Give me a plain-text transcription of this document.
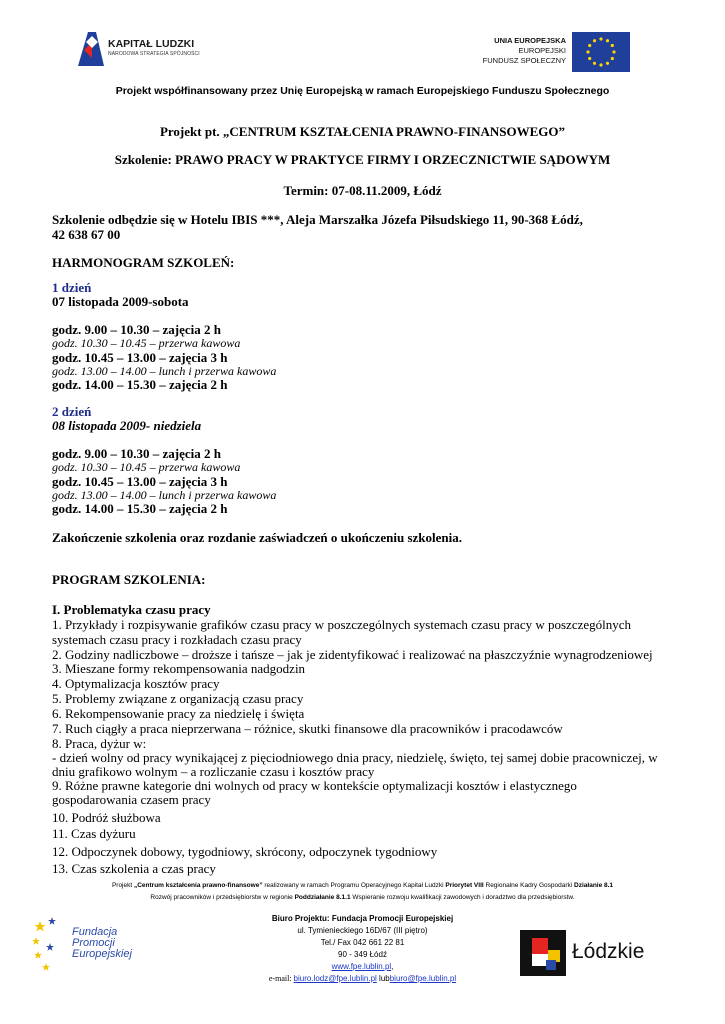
KAPITAŁ LUDZKI
NARODOWA STRATEGIA SPÓJNOŚCI
UNIA EUROPEJSKA
EUROPEJSKI
FUNDUSZ SPOŁECZNY
Projekt współfinansowany przez Unię Europejską w ramach Europejskiego Funduszu Społecznego
Projekt pt. „CENTRUM KSZTAŁCENIA PRAWNO-FINANSOWEGO”
Szkolenie: PRAWO PRACY W PRAKTYCE FIRMY I ORZECZNICTWIE SĄDOWYM
Termin: 07-08.11.2009, Łódź
Szkolenie odbędzie się w Hotelu IBIS ***, Aleja Marszałka Józefa Piłsudskiego 11, 90-368 Łódź,
42 638 67 00
HARMONOGRAM SZKOLEŃ:
1 dzień
07 listopada 2009-sobota
godz. 9.00 – 10.30 – zajęcia 2 h
godz. 10.30 – 10.45 – przerwa kawowa
godz. 10.45 – 13.00 – zajęcia 3 h
godz. 13.00 – 14.00 – lunch i przerwa kawowa
godz. 14.00 – 15.30 – zajęcia 2 h
2 dzień
08 listopada 2009- niedziela
godz. 9.00 – 10.30 – zajęcia 2 h
godz. 10.30 – 10.45 – przerwa kawowa
godz. 10.45 – 13.00 – zajęcia 3 h
godz. 13.00 – 14.00 – lunch i przerwa kawowa
godz. 14.00 – 15.30 – zajęcia 2 h
Zakończenie szkolenia oraz rozdanie zaświadczeń o ukończeniu szkolenia.
PROGRAM SZKOLENIA:
I. Problematyka czasu pracy
1. Przykłady i rozpisywanie grafików czasu pracy w poszczególnych systemach czasu pracy w poszczególnych
systemach czasu pracy i rozkładach czasu pracy
2. Godziny nadliczbowe – droższe i tańsze – jak je zidentyfikować i realizować na płaszczyźnie wynagrodzeniowej
3. Mieszane formy rekompensowania nadgodzin
4. Optymalizacja kosztów pracy
5. Problemy związane z organizacją czasu pracy
6. Rekompensowanie pracy za niedzielę i święta
7. Ruch ciągły a praca nieprzerwana – różnice, skutki finansowe dla pracowników i pracodawców
8. Praca, dyżur w:
- dzień wolny od pracy wynikającej z pięciodniowego dnia pracy, niedzielę, święto, tej samej dobie pracowniczej, w
dniu grafikowo wolnym – a rozliczanie czasu i kosztów pracy
9. Różne prawne kategorie dni wolnych od pracy w kontekście optymalizacji kosztów i elastycznego
gospodarowania czasem pracy
10. Podróż służbowa
11. Czas dyżuru
12. Odpoczynek dobowy, tygodniowy, skrócony, odpoczynek tygodniowy
13. Czas szkolenia a czas pracy
Projekt „Centrum kształcenia prawno-finansowe” realizowany w ramach Programu Operacyjnego Kapitał Ludzki Priorytet VIII Regionalne Kadry Gospodarki Działanie 8.1
Rozwój pracowników i przedsiębiorstw w regionie Poddziałanie 8.1.1 Wspieranie rozwoju kwalifikacji zawodowych i doradztwo dla przedsiębiorstw.
Fundacja
Promocji
Europejskiej
Biuro Projektu: Fundacja Promocji Europejskiej
ul. Tymienieckiego 16D/67 (III piętro)
Tel./ Fax 042 661 22 81
90 - 349 Łódź
www.fpe.lublin.pl,
e-mail: biuro.lodz@fpe.lublin.pl lubbiuro@fpe.lublin.pl
Łódzkie
